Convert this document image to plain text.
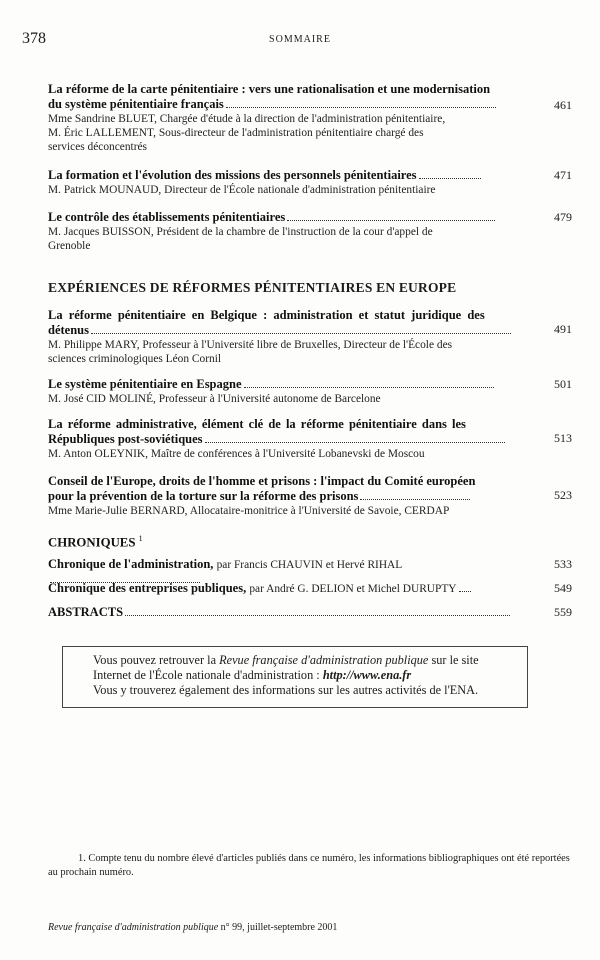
378	SOMMAIRE
La réforme de la carte pénitentiaire : vers une rationalisation et une modernisation
du système pénitentiaire français
Mme Sandrine BLUET, Chargée d'étude à la direction de l'administration pénitentiaire,
M. Éric LALLEMENT, Sous-directeur de l'administration pénitentiaire chargé des
services déconcentrés
461
La formation et l'évolution des missions des personnels pénitentiaires
M. Patrick MOUNAUD, Directeur de l'École nationale d'administration pénitentiaire
471
Le contrôle des établissements pénitentiaires
M. Jacques BUISSON, Président de la chambre de l'instruction de la cour d'appel de
Grenoble
479
EXPÉRIENCES DE RÉFORMES PÉNITENTIAIRES EN EUROPE
La réforme pénitentiaire en Belgique : administration et statut juridique des
détenus
M. Philippe MARY, Professeur à l'Université libre de Bruxelles, Directeur de l'École des
sciences criminologiques Léon Cornil
491
Le système pénitentiaire en Espagne
M. José CID MOLINÉ, Professeur à l'Université autonome de Barcelone
501
La réforme administrative, élément clé de la réforme pénitentiaire dans les
Républiques post-soviétiques
M. Anton OLEYNIK, Maître de conférences à l'Université Lobanevski de Moscou
513
Conseil de l'Europe, droits de l'homme et prisons : l'impact du Comité européen
pour la prévention de la torture sur la réforme des prisons
Mme Marie-Julie BERNARD, Allocataire-monitrice à l'Université de Savoie, CERDAP
523
CHRONIQUES $^1$
Chronique de l'administration, par Francis CHAUVIN et Hervé RIHAL	533
Chronique des entreprises publiques, par André G. DELION et Michel DURUPTY	549
ABSTRACTS	559
Vous pouvez retrouver la Revue française d'administration publique sur le site
Internet de l'École nationale d'administration : http://www.ena.fr
Vous y trouverez également des informations sur les autres activités de l'ENA.
1. Compte tenu du nombre élevé d'articles publiés dans ce numéro, les informations bibliographiques ont été reportées au prochain numéro.
Revue française d'administration publique n° 99, juillet-septembre 2001
